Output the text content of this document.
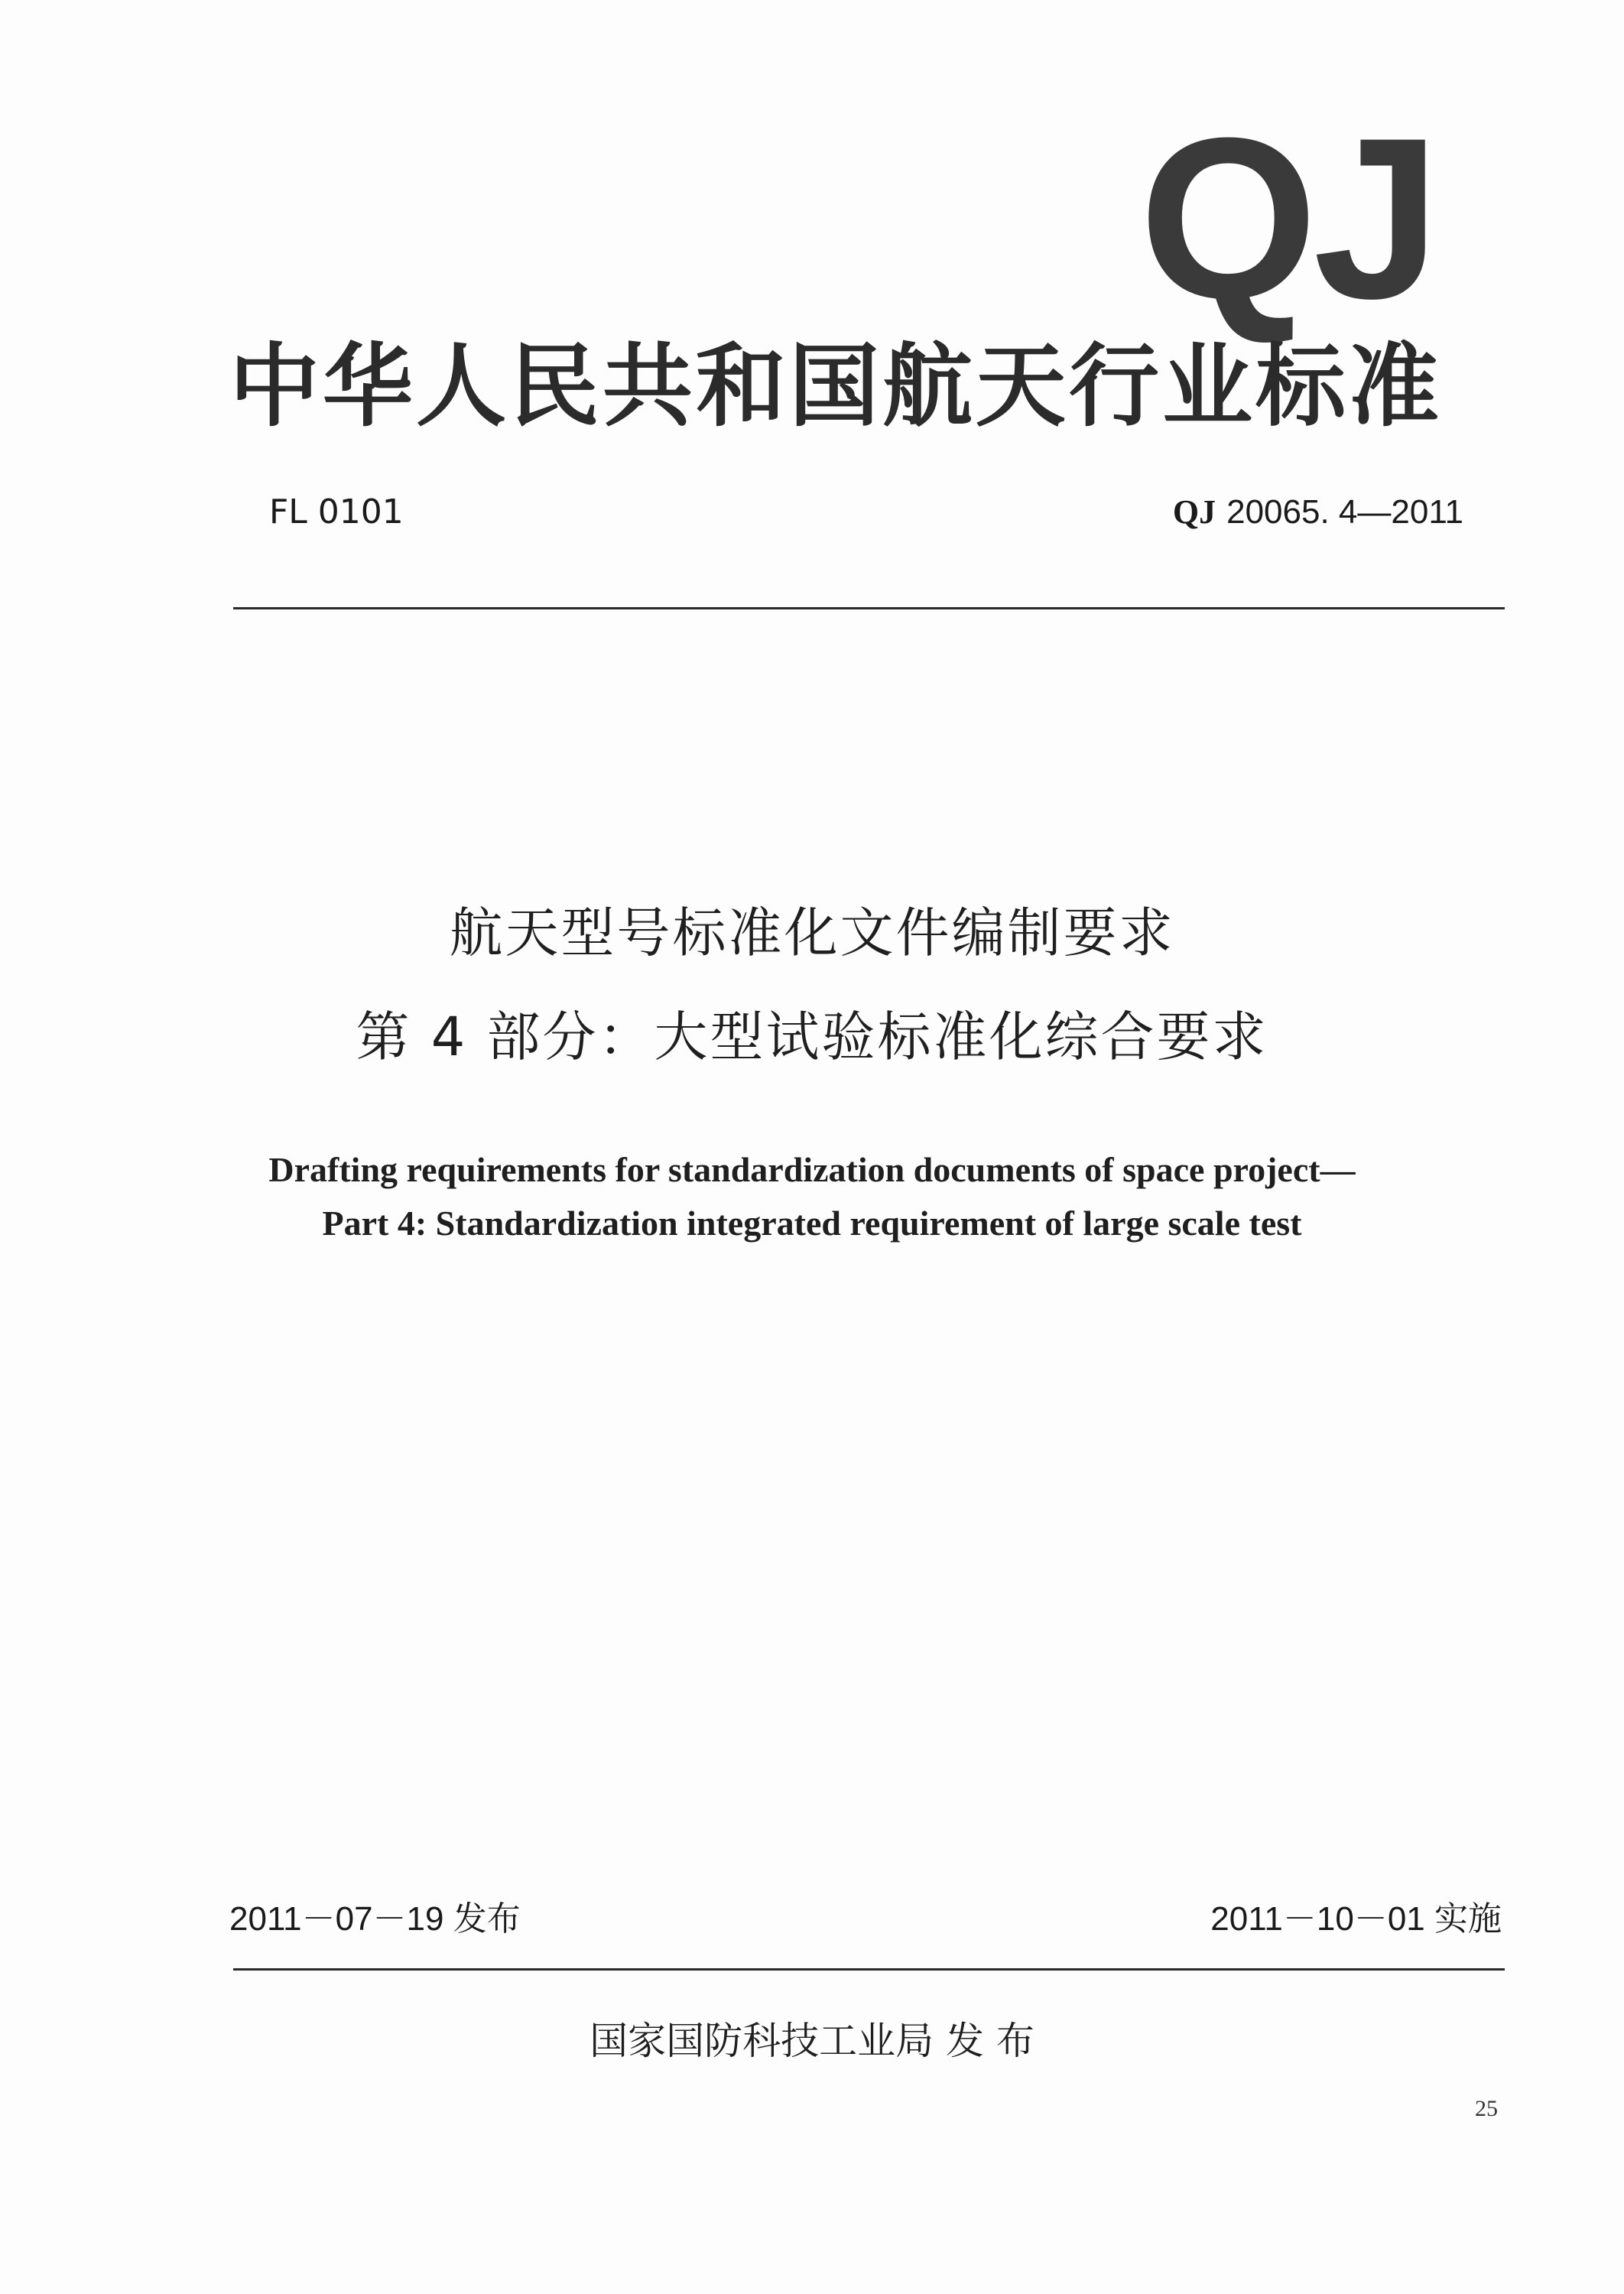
QJ
中华人民共和国航天行业标准
FL 0101	QJ 20065. 4—2011
航天型号标准化文件编制要求
第 4 部分：大型试验标准化综合要求
Drafting requirements for standardization documents of space project—
Part 4: Standardization integrated requirement of large scale test
2011－07－19 发布	2011－10－01 实施
国家国防科技工业局 发 布
25
